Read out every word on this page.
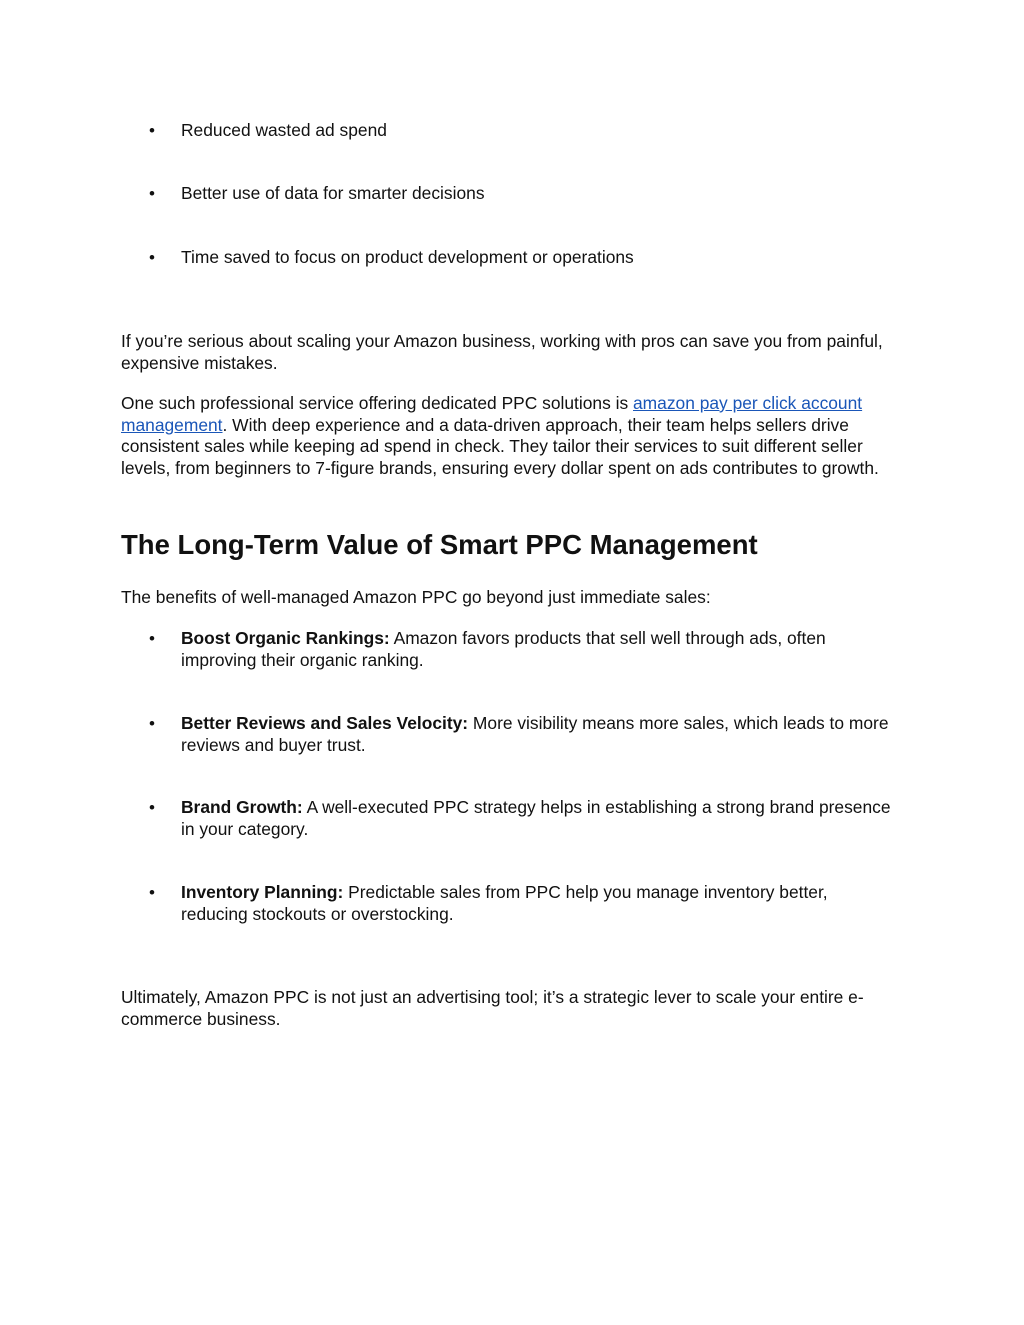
•	Reduced wasted ad spend
•	Better use of data for smarter decisions
•	Time saved to focus on product development or operations

If you’re serious about scaling your Amazon business, working with pros can save you from painful, expensive mistakes.

One such professional service offering dedicated PPC solutions is amazon pay per click account management. With deep experience and a data-driven approach, their team helps sellers drive consistent sales while keeping ad spend in check. They tailor their services to suit different seller levels, from beginners to 7-figure brands, ensuring every dollar spent on ads contributes to growth.

The Long-Term Value of Smart PPC Management

The benefits of well-managed Amazon PPC go beyond just immediate sales:

•	Boost Organic Rankings: Amazon favors products that sell well through ads, often improving their organic ranking.
•	Better Reviews and Sales Velocity: More visibility means more sales, which leads to more reviews and buyer trust.
•	Brand Growth: A well-executed PPC strategy helps in establishing a strong brand presence in your category.
•	Inventory Planning: Predictable sales from PPC help you manage inventory better, reducing stockouts or overstocking.

Ultimately, Amazon PPC is not just an advertising tool; it’s a strategic lever to scale your entire e-commerce business.
